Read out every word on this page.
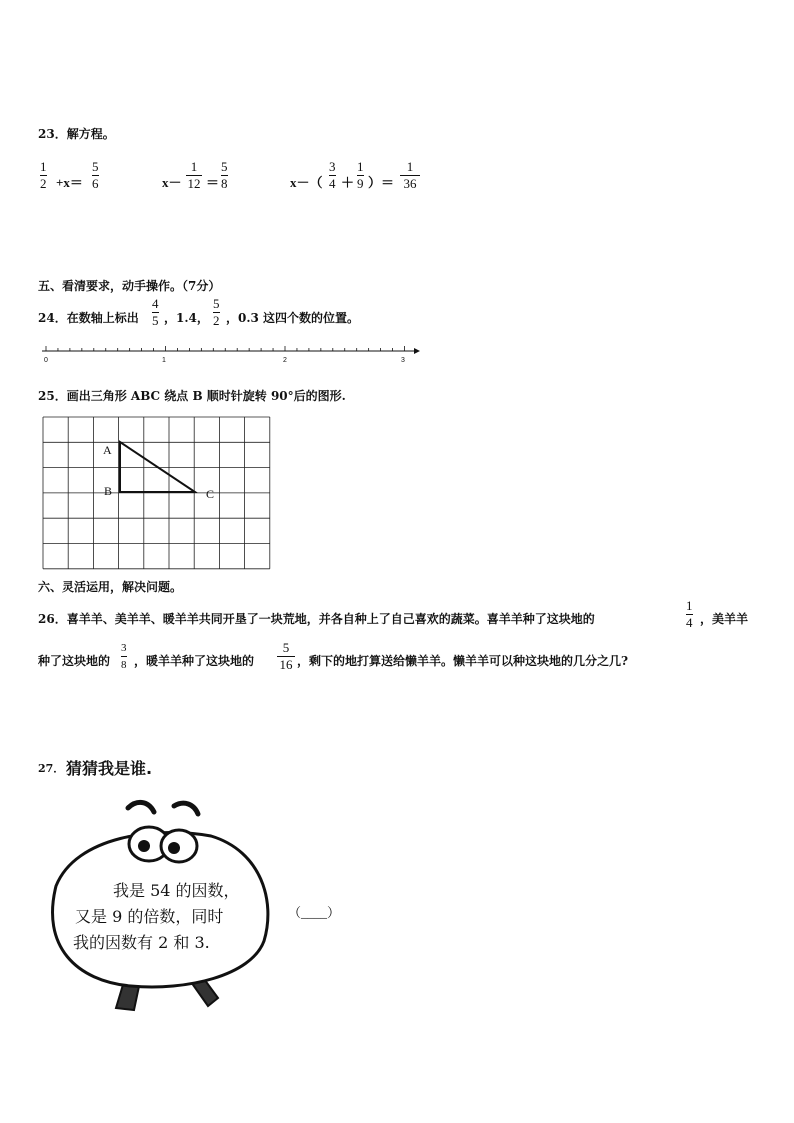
23．解方程。
1
2 +x＝
5
6	x－
1
12 ＝
5
8	x－（
3
4 ＋
1
9 ）＝
1
36
五、看清要求，动手操作。（7分）
24．在数轴上标出
4
5 ，1.4，
5
2 ，0.3 这四个数的位置。
0	1	2	3
25．画出三角形 ABC 绕点 B 顺时针旋转 90°后的图形.
A
B	C
六、灵活运用，解决问题。
26．喜羊羊、美羊羊、暖羊羊共同开垦了一块荒地，并各自种上了自己喜欢的蔬菜。喜羊羊种了这块地的
1
4 ，美羊羊
种了这块地的
3
8 ，暖羊羊种了这块地的
5
16 ，剩下的地打算送给懒羊羊。懒羊羊可以种这块地的几分之几?
27． 猜猜我是谁.
我是 54 的因数，
又是 9 的倍数，同时
我的因数有 2 和 3.
（____）
